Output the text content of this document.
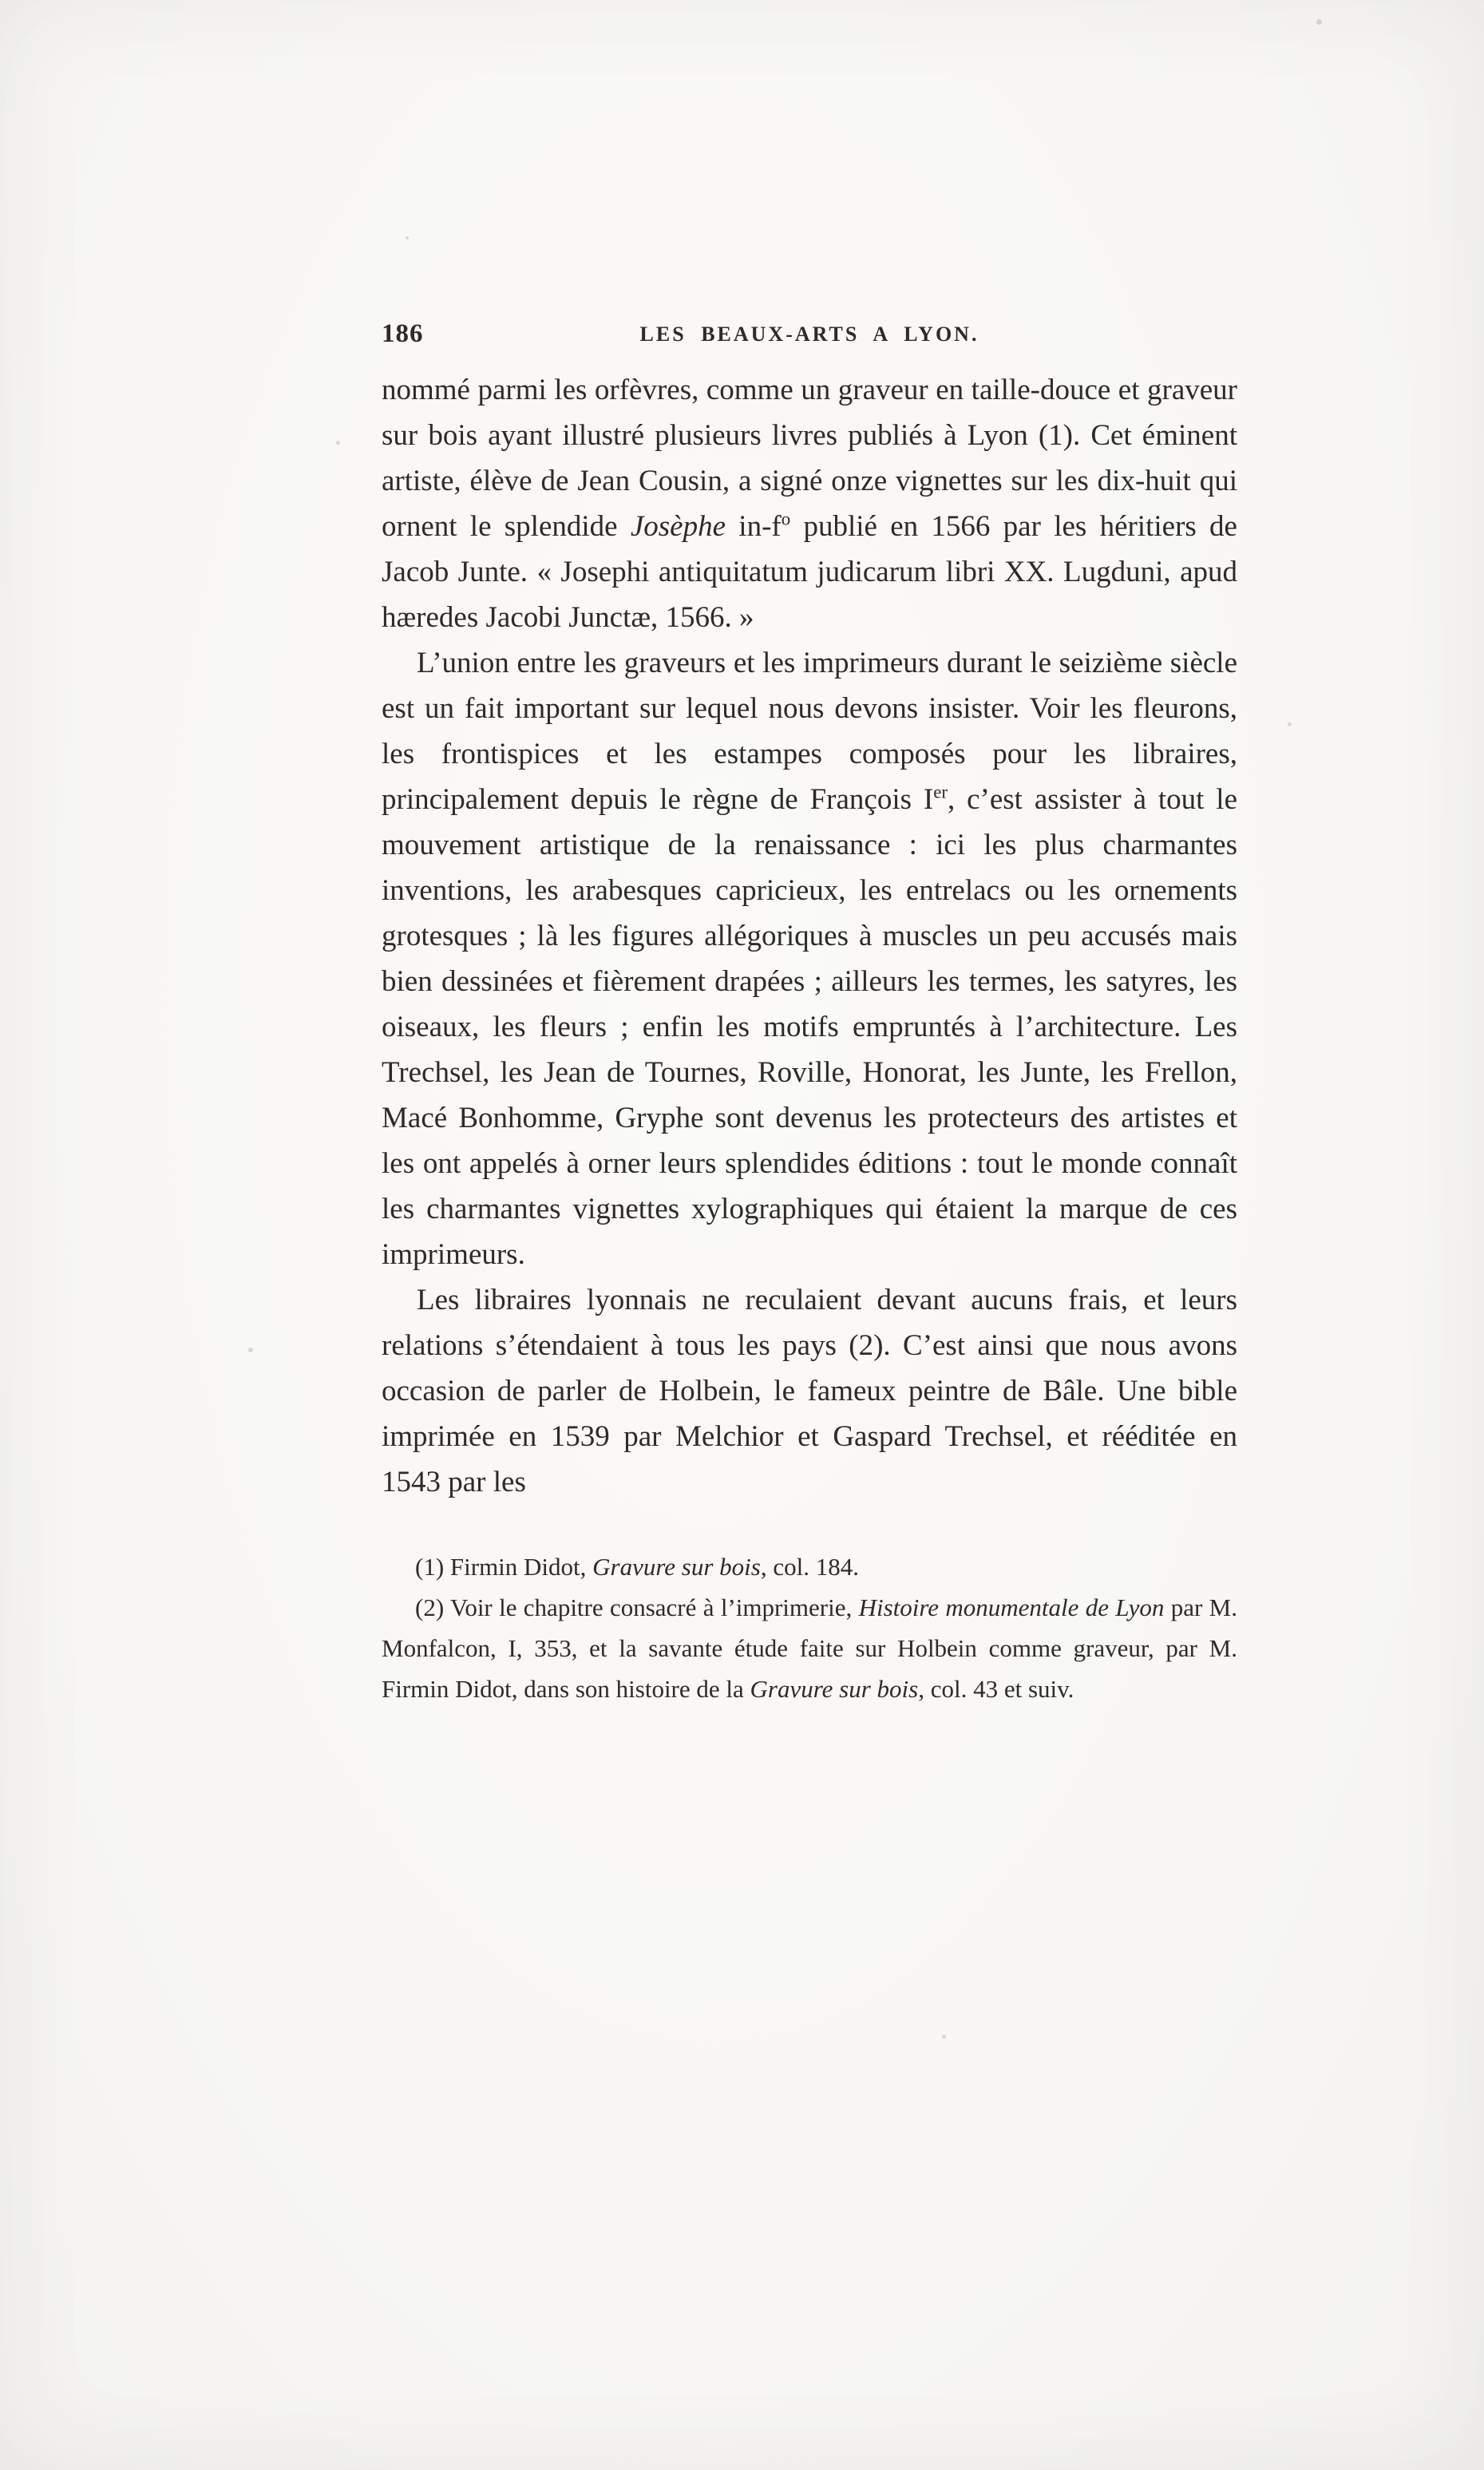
186	LES BEAUX-ARTS A LYON.

nommé parmi les orfèvres, comme un graveur en taille-douce et graveur sur bois ayant illustré plusieurs livres publiés à Lyon (1). Cet éminent artiste, élève de Jean Cousin, a signé onze vignettes sur les dix-huit qui ornent le splendide Josèphe $in-f^o$ publié en 1566 par les héritiers de Jacob Junte. « Josephi antiquitatum judicarum libri XX. Lugduni, apud hæredes Jacobi Junctæ, 1566. »

L’union entre les graveurs et les imprimeurs durant le seizième siècle est un fait important sur lequel nous devons insister. Voir les fleurons, les frontispices et les estampes composés pour les libraires, principalement depuis le règne de François Ier, c’est assister à tout le mouvement artistique de la renaissance : ici les plus charmantes inventions, les arabesques capricieux, les entrelacs ou les ornements grotesques ; là les figures allégoriques à muscles un peu accusés mais bien dessinées et fièrement drapées ; ailleurs les termes, les satyres, les oiseaux, les fleurs ; enfin les motifs empruntés à l’architecture. Les Trechsel, les Jean de Tournes, Roville, Honorat, les Junte, les Frellon, Macé Bonhomme, Gryphe sont devenus les protecteurs des artistes et les ont appelés à orner leurs splendides éditions : tout le monde connaît les charmantes vignettes xylographiques qui étaient la marque de ces imprimeurs.

Les libraires lyonnais ne reculaient devant aucuns frais, et leurs relations s’étendaient à tous les pays (2). C’est ainsi que nous avons occasion de parler de Holbein, le fameux peintre de Bâle. Une bible imprimée en 1539 par Melchior et Gaspard Trechsel, et rééditée en 1543 par les

(1) Firmin Didot, Gravure sur bois, col. 184.

(2) Voir le chapitre consacré à l’imprimerie, Histoire monumentale de Lyon par M. Monfalcon, I, 353, et la savante étude faite sur Holbein comme graveur, par M. Firmin Didot, dans son histoire de la Gravure sur bois, col. 43 et suiv.
